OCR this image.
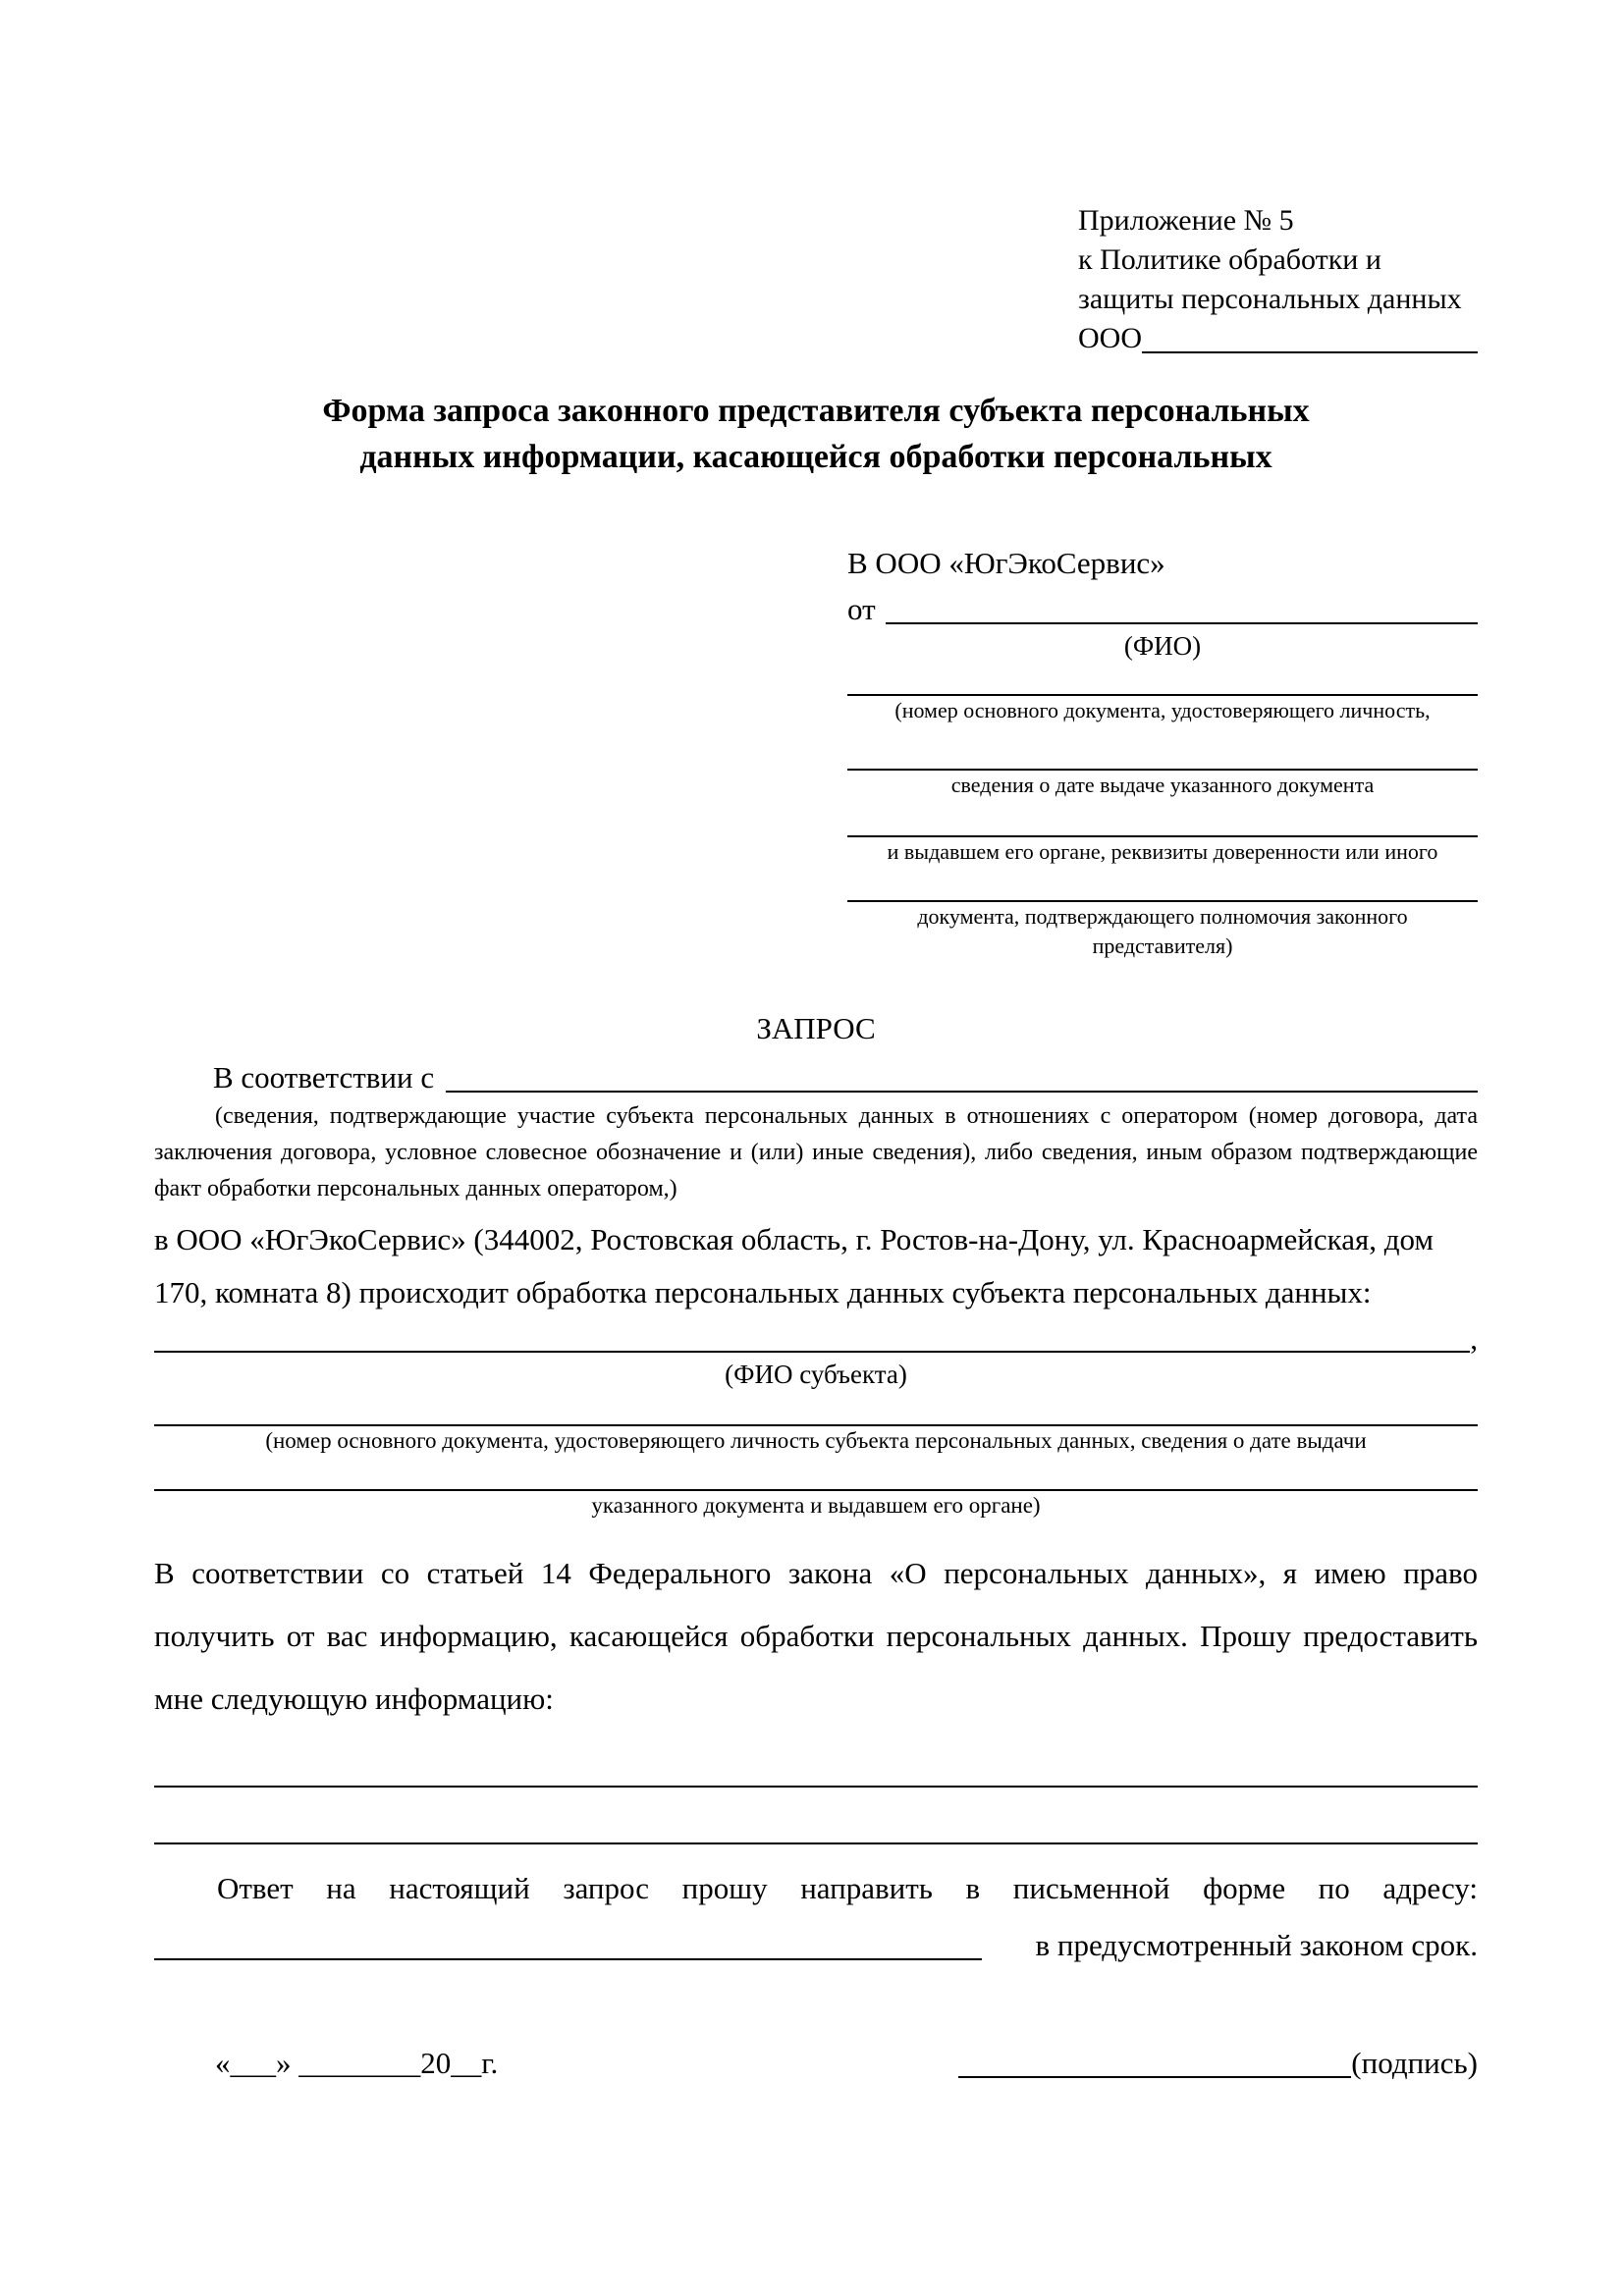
Приложение № 5
к Политике обработки и
защиты персональных данных
ООО
Форма запроса законного представителя субъекта персональных
данных информации, касающейся обработки персональных
В ООО «ЮгЭкоСервис»
от
(ФИО)
(номер основного документа, удостоверяющего личность,
сведения о дате выдаче указанного документа
и выдавшем его органе, реквизиты доверенности или иного
документа, подтверждающего полномочия законного представителя)
ЗАПРОС
В соответствии с

(сведения, подтверждающие участие субъекта персональных данных в отношениях с оператором (номер договора, дата заключения договора, условное словесное обозначение и (или) иные сведения), либо сведения, иным образом подтверждающие факт обработки персональных данных оператором,)

в ООО «ЮгЭкоСервис» (344002, Ростовская область, г. Ростов-на-Дону, ул. Красноармейская, дом 170, комната 8) происходит обработка персональных данных субъекта персональных данных:

,
(ФИО субъекта)
(номер основного документа, удостоверяющего личность субъекта персональных данных, сведения о дате выдачи
указанного документа и выдавшем его органе)

В соответствии со статьей 14 Федерального закона «О персональных данных», я имею право получить от вас информацию, касающейся обработки персональных данных. Прошу предоставить мне следующую информацию:

Ответ на настоящий запрос прошу направить в письменной форме по адресу:

в предусмотренный законом срок.
«___» ________20__г.	(подпись)
